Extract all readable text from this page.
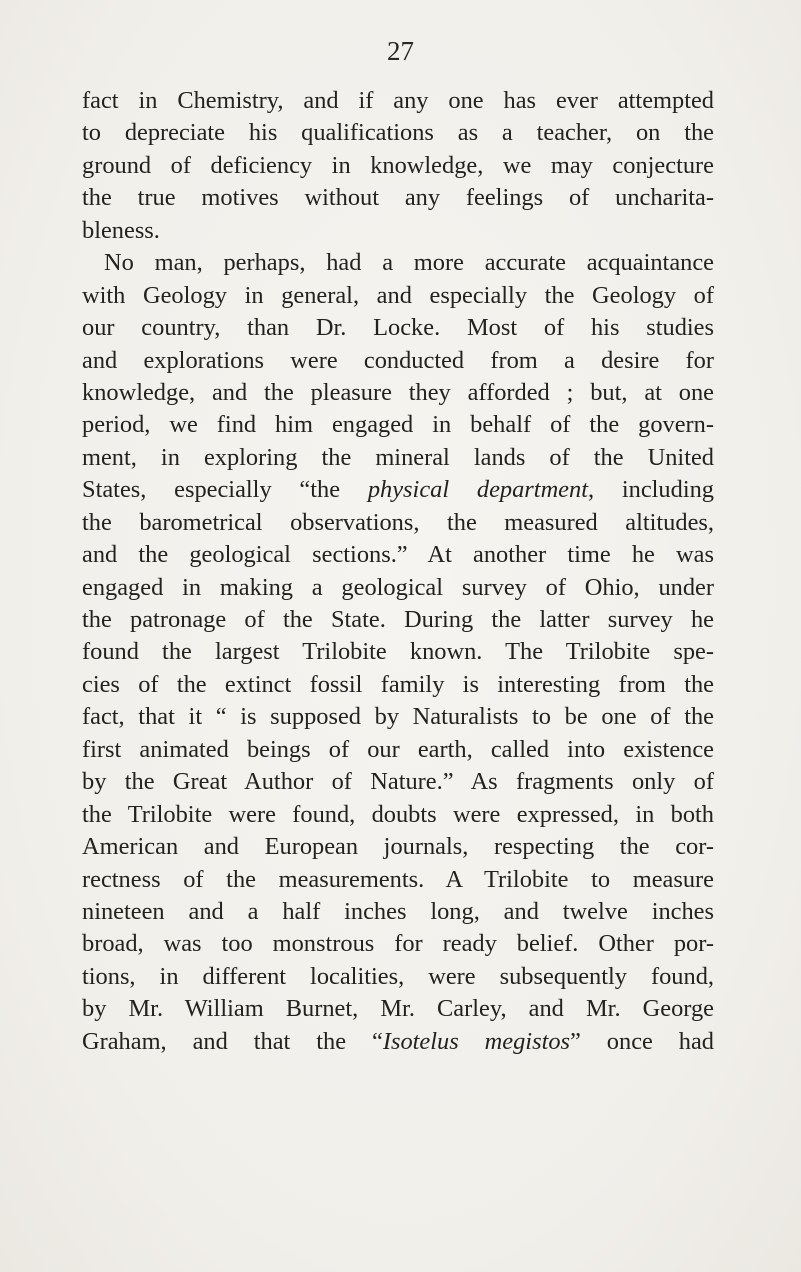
27
fact in Chemistry, and if any one has ever attempted
to depreciate his qualifications as a teacher, on the
ground of deficiency in knowledge, we may conjecture
the true motives without any feelings of uncharita-
bleness.
No man, perhaps, had a more accurate acquaintance
with Geology in general, and especially the Geology of
our country, than Dr. Locke. Most of his studies
and explorations were conducted from a desire for
knowledge, and the pleasure they afforded ; but, at one
period, we find him engaged in behalf of the govern-
ment, in exploring the mineral lands of the United
States, especially “the physical department, including
the barometrical observations, the measured altitudes,
and the geological sections.” At another time he was
engaged in making a geological survey of Ohio, under
the patronage of the State. During the latter survey he
found the largest Trilobite known. The Trilobite spe-
cies of the extinct fossil family is interesting from the
fact, that it “ is supposed by Naturalists to be one of the
first animated beings of our earth, called into existence
by the Great Author of Nature.” As fragments only of
the Trilobite were found, doubts were expressed, in both
American and European journals, respecting the cor-
rectness of the measurements. A Trilobite to measure
nineteen and a half inches long, and twelve inches
broad, was too monstrous for ready belief. Other por-
tions, in different localities, were subsequently found,
by Mr. William Burnet, Mr. Carley, and Mr. George
Graham, and that the “Isotelus megistos” once had
